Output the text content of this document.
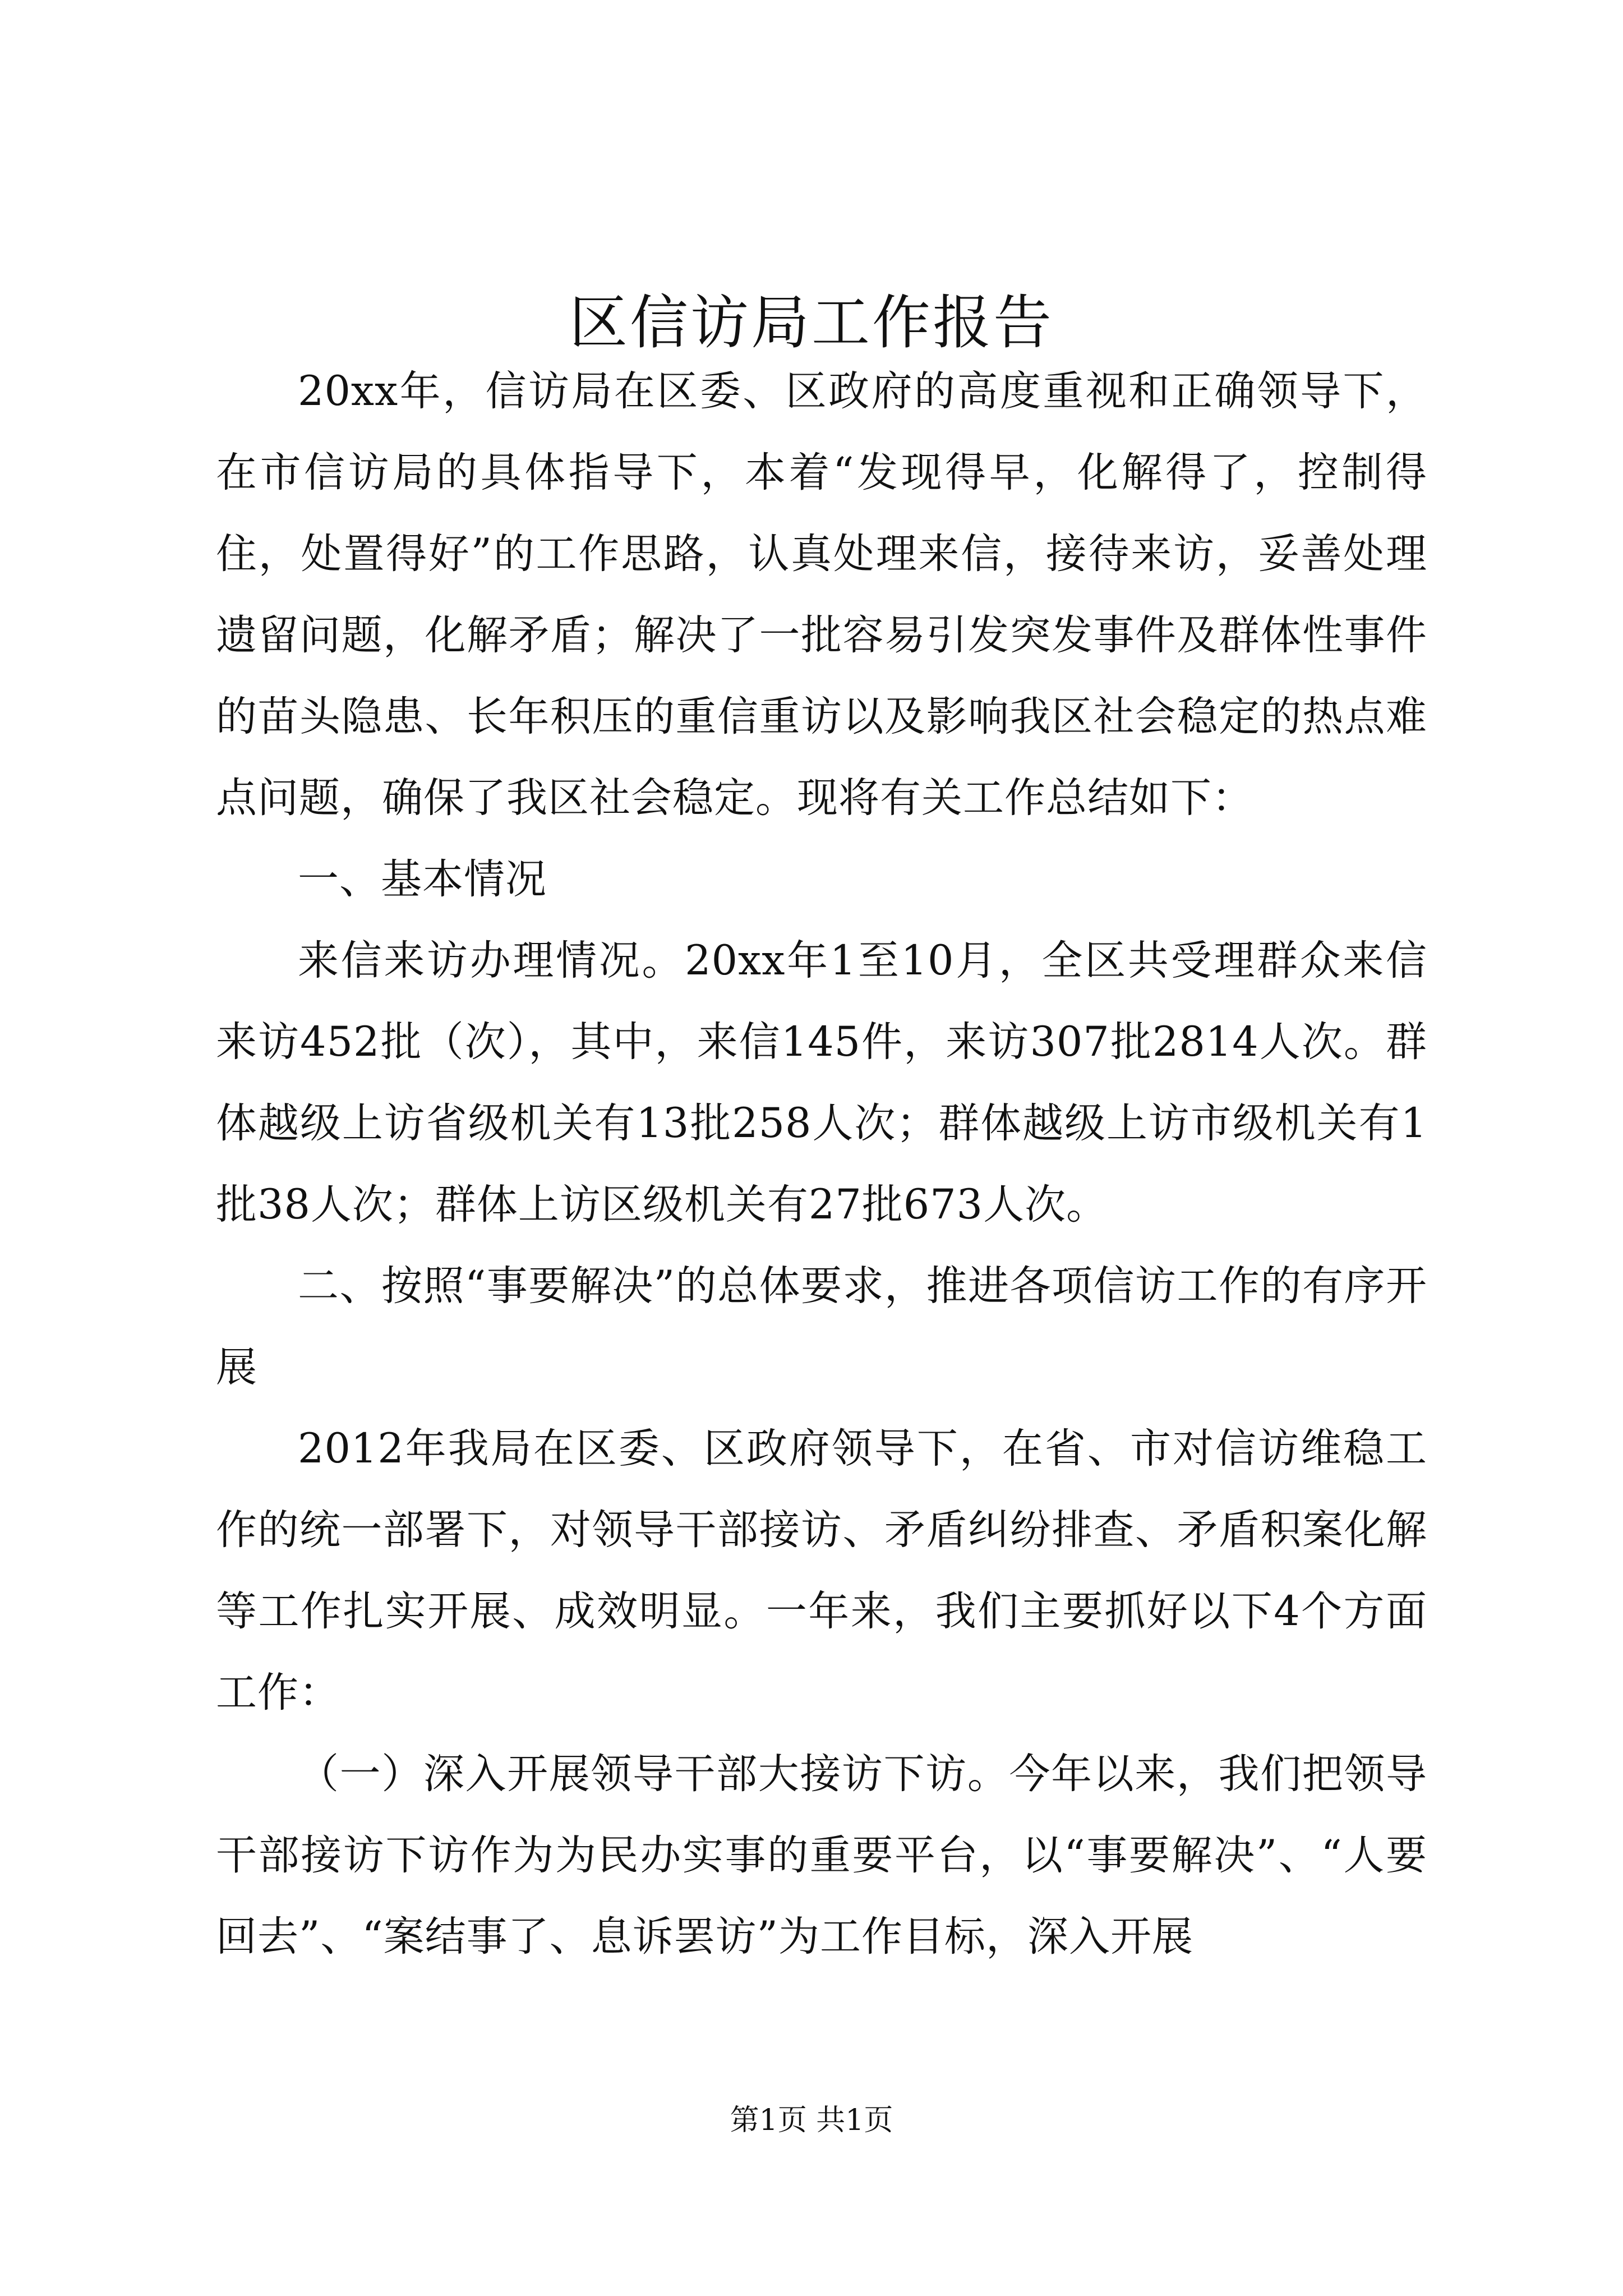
区信访局工作报告

20xx年，信访局在区委、区政府的高度重视和正确领导下，在市信访局的具体指导下，本着“发现得早，化解得了，控制得住，处置得好”的工作思路，认真处理来信，接待来访，妥善处理遗留问题，化解矛盾；解决了一批容易引发突发事件及群体性事件的苗头隐患、长年积压的重信重访以及影响我区社会稳定的热点难点问题，确保了我区社会稳定。现将有关工作总结如下：

一、基本情况

来信来访办理情况。20xx年1至10月，全区共受理群众来信来访452批（次），其中，来信145件，来访307批2814人次。群体越级上访省级机关有13批258人次；群体越级上访市级机关有1批38人次；群体上访区级机关有27批673人次。

二、按照“事要解决”的总体要求，推进各项信访工作的有序开展

2012年我局在区委、区政府领导下，在省、市对信访维稳工作的统一部署下，对领导干部接访、矛盾纠纷排查、矛盾积案化解等工作扎实开展、成效明显。一年来，我们主要抓好以下4个方面工作：

（一）深入开展领导干部大接访下访。今年以来，我们把领导干部接访下访作为为民办实事的重要平台，以“事要解决”、“人要回去”、“案结事了、息诉罢访”为工作目标，深入开展

第1页 共1页
